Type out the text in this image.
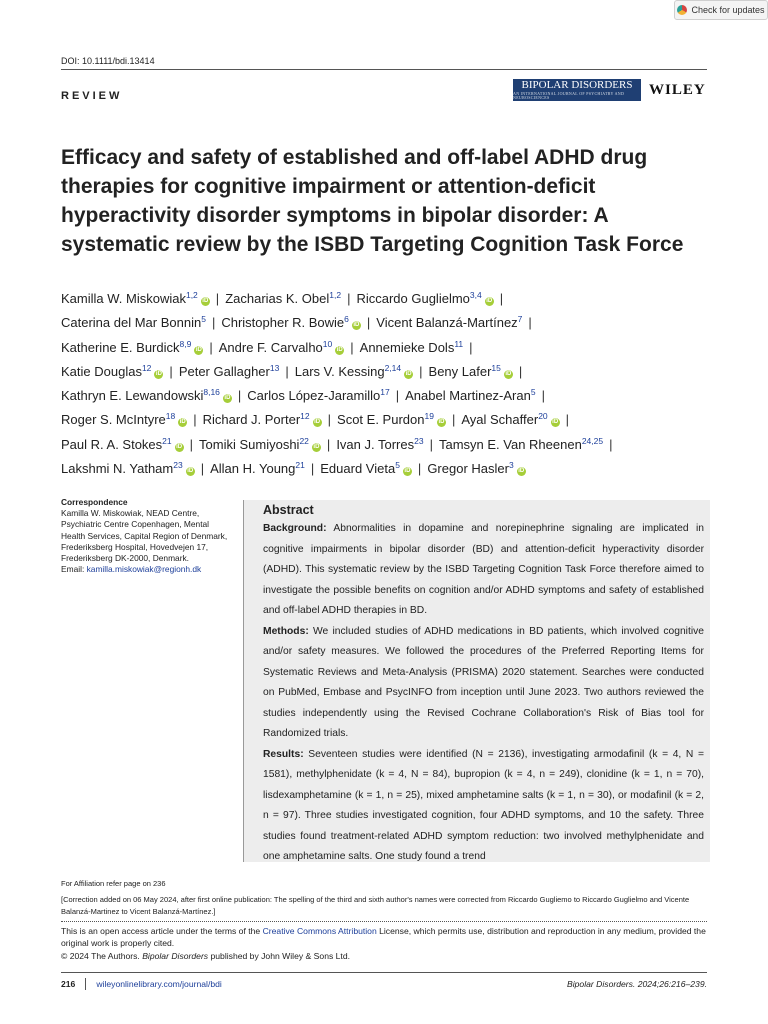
Check for updates
DOI: 10.1111/bdi.13414
REVIEW
BIPOLAR DISORDERS
AN INTERNATIONAL JOURNAL OF PSYCHIATRY AND NEUROSCIENCES	WILEY
Efficacy and safety of established and off-label ADHD drug therapies for cognitive impairment or attention-deficit hyperactivity disorder symptoms in bipolar disorder: A systematic review by the ISBD Targeting Cognition Task Force
Kamilla W. Miskowiak$^{1,2}$iD | Zacharias K. Obel$^{1,2}$ | Riccardo Guglielmo$^{3,4}$iD |
Caterina del Mar Bonnin$^5$ | Christopher R. Bowie$^6$iD | Vicent Balanzá-Martínez$^7$ |
Katherine E. Burdick$^{8,9}$iD | Andre F. Carvalho$^{10}$iD | Annemieke Dols$^{11}$ |
Katie Douglas$^{12}$iD | Peter Gallagher$^{13}$ | Lars V. Kessing$^{2,14}$iD | Beny Lafer$^{15}$iD |
Kathryn E. Lewandowski$^{8,16}$iD | Carlos López-Jaramillo$^{17}$ | Anabel Martinez-Aran$^5$ |
Roger S. McIntyre$^{18}$iD | Richard J. Porter$^{12}$iD | Scot E. Purdon$^{19}$iD | Ayal Schaffer$^{20}$iD |
Paul R. A. Stokes$^{21}$iD | Tomiki Sumiyoshi$^{22}$iD | Ivan J. Torres$^{23}$ | Tamsyn E. Van Rheenen$^{24,25}$ |
Lakshmi N. Yatham$^{23}$iD | Allan H. Young$^{21}$ | Eduard Vieta$^5$iD | Gregor Hasler$^3$iD
Correspondence
Kamilla W. Miskowiak, NEAD Centre, Psychiatric Centre Copenhagen, Mental Health Services, Capital Region of Denmark, Frederiksberg Hospital, Hovedvejen 17, Frederiksberg DK-2000, Denmark.
Email: kamilla.miskowiak@regionh.dk
Abstract

Background: Abnormalities in dopamine and norepinephrine signaling are implicated in cognitive impairments in bipolar disorder (BD) and attention-deficit hyperactivity disorder (ADHD). This systematic review by the ISBD Targeting Cognition Task Force therefore aimed to investigate the possible benefits on cognition and/or ADHD symptoms and safety of established and off-label ADHD therapies in BD.

Methods: We included studies of ADHD medications in BD patients, which involved cognitive and/or safety measures. We followed the procedures of the Preferred Reporting Items for Systematic Reviews and Meta-Analysis (PRISMA) 2020 statement. Searches were conducted on PubMed, Embase and PsycINFO from inception until June 2023. Two authors reviewed the studies independently using the Revised Cochrane Collaboration's Risk of Bias tool for Randomized trials.

Results: Seventeen studies were identified (N = 2136), investigating armodafinil (k = 4, N = 1581), methylphenidate (k = 4, N = 84), bupropion (k = 4, n = 249), clonidine (k = 1, n = 70), lisdexamphetamine (k = 1, n = 25), mixed amphetamine salts (k = 1, n = 30), or modafinil (k = 2, n = 97). Three studies investigated cognition, four ADHD symptoms, and 10 the safety. Three studies found treatment-related ADHD symptom reduction: two involved methylphenidate and one amphetamine salts. One study found a trend

For Affiliation refer page on 236
[Correction added on 06 May 2024, after first online publication: The spelling of the third and sixth author's names were corrected from Riccardo Gugliemo to Riccardo Guglielmo and Vicente Balanzá-Martinez to Vicent Balanzá-Martínez.]
This is an open access article under the terms of the Creative Commons Attribution License, which permits use, distribution and reproduction in any medium, provided the original work is properly cited.
© 2024 The Authors. Bipolar Disorders published by John Wiley & Sons Ltd.
216 wileyonlinelibrary.com/journal/bdi	Bipolar Disorders. 2024;26:216–239.
